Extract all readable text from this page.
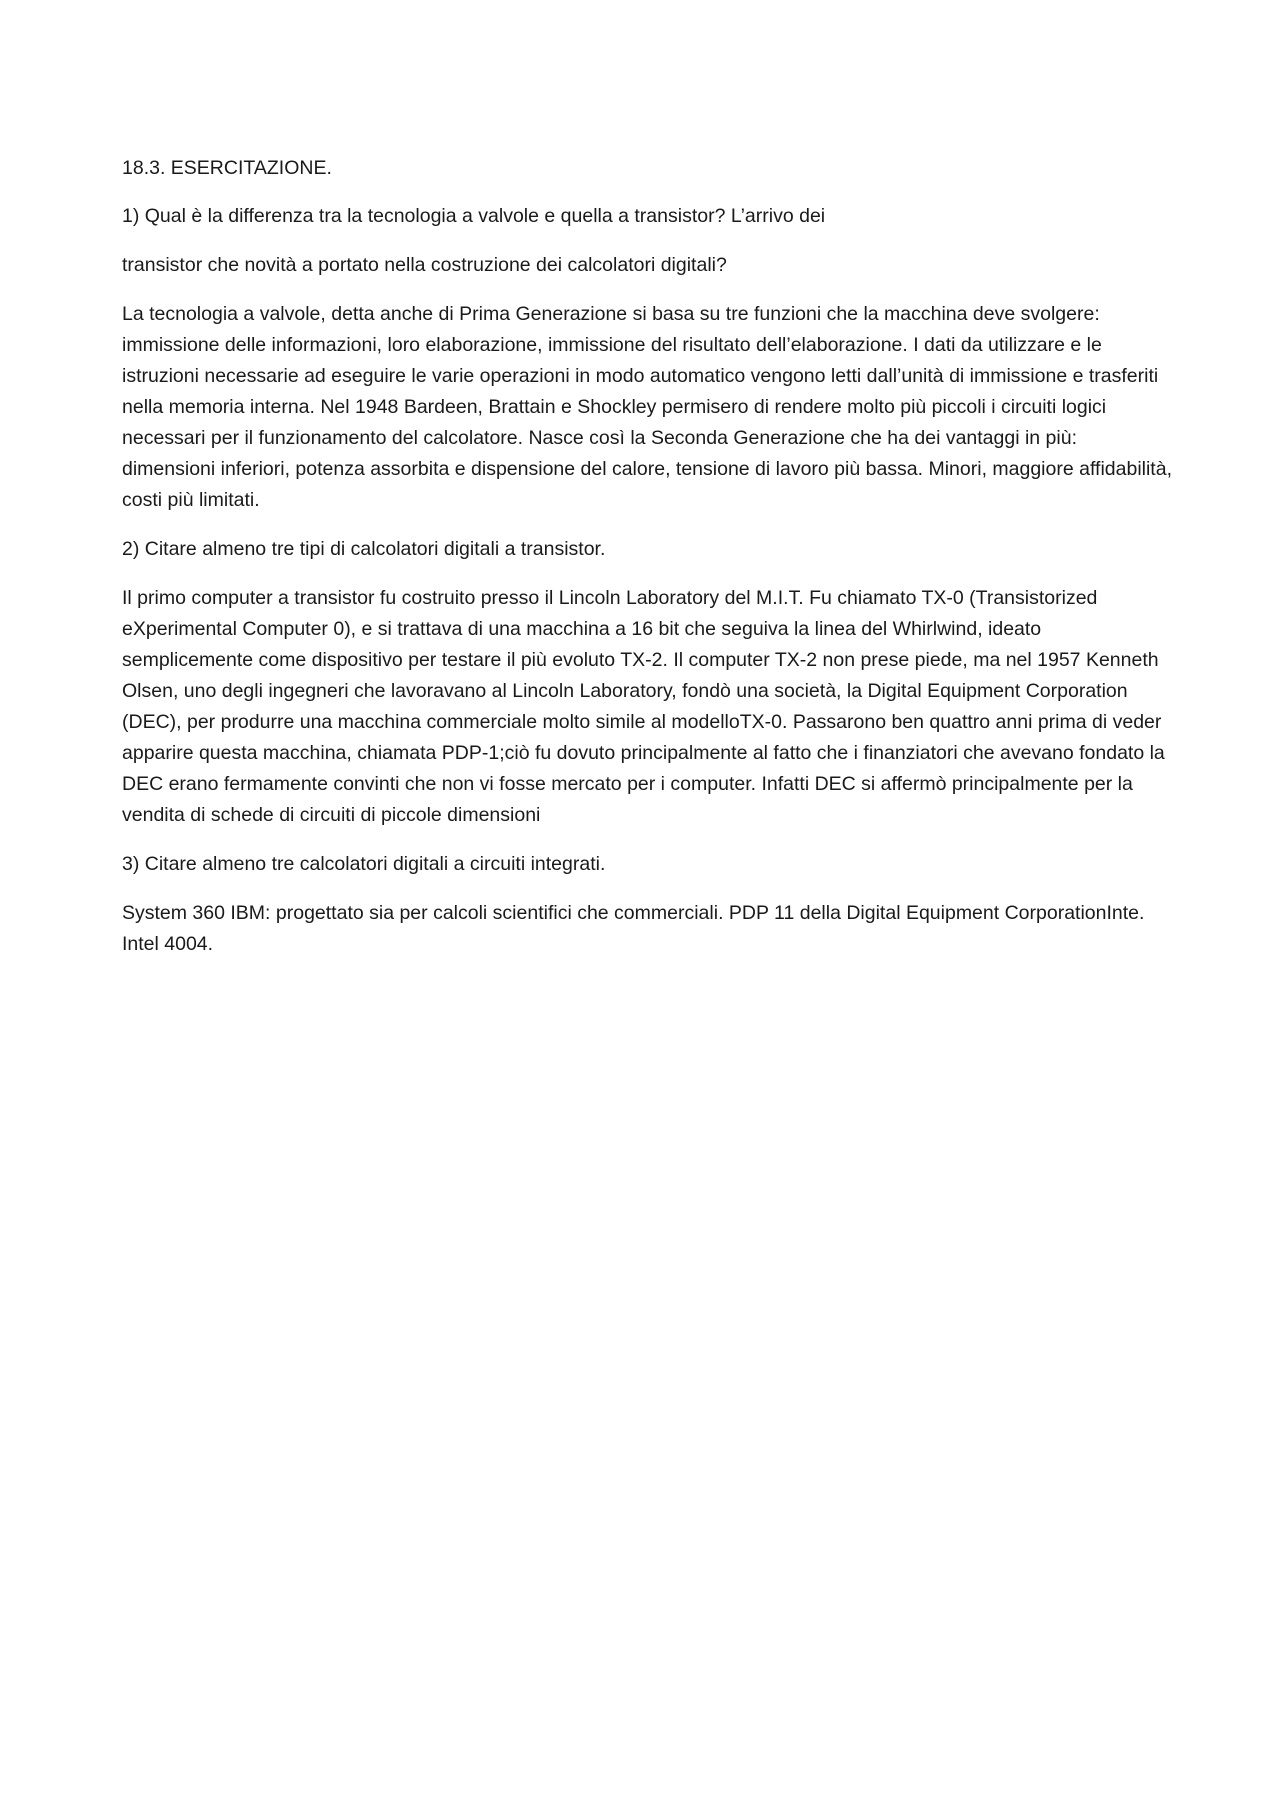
18.3. ESERCITAZIONE.

1) Qual è la differenza tra la tecnologia a valvole e quella a transistor? L’arrivo dei

transistor che novità a portato nella costruzione dei calcolatori digitali?

La tecnologia a valvole, detta anche di Prima Generazione si basa su tre funzioni che la macchina deve svolgere: immissione delle informazioni, loro elaborazione, immissione del risultato dell’elaborazione. I dati da utilizzare e le istruzioni necessarie ad eseguire le varie operazioni in modo automatico vengono letti dall’unità di immissione e trasferiti nella memoria interna. Nel 1948 Bardeen, Brattain e Shockley permisero di rendere molto più piccoli i circuiti logici necessari per il funzionamento del calcolatore. Nasce così la Seconda Generazione che ha dei vantaggi in più: dimensioni inferiori, potenza assorbita e dispensione del calore, tensione di lavoro più bassa. Minori, maggiore affidabilità, costi più limitati.

2) Citare almeno tre tipi di calcolatori digitali a transistor.

Il primo computer a transistor fu costruito presso il Lincoln Laboratory del M.I.T. Fu chiamato TX-0 (Transistorized eXperimental Computer 0), e si trattava di una macchina a 16 bit che seguiva la linea del Whirlwind, ideato semplicemente come dispositivo per testare il più evoluto TX-2. Il computer TX-2 non prese piede, ma nel 1957 Kenneth Olsen, uno degli ingegneri che lavoravano al Lincoln Laboratory, fondò una società, la Digital Equipment Corporation (DEC), per produrre una macchina commerciale molto simile al modelloTX-0. Passarono ben quattro anni prima di veder apparire questa macchina, chiamata PDP-1;ciò fu dovuto principalmente al fatto che i finanziatori che avevano fondato la DEC erano fermamente convinti che non vi fosse mercato per i computer. Infatti DEC si affermò principalmente per la vendita di schede di circuiti di piccole dimensioni

3) Citare almeno tre calcolatori digitali a circuiti integrati.

System 360 IBM: progettato sia per calcoli scientifici che commerciali. PDP 11 della Digital Equipment CorporationInte. Intel 4004.
